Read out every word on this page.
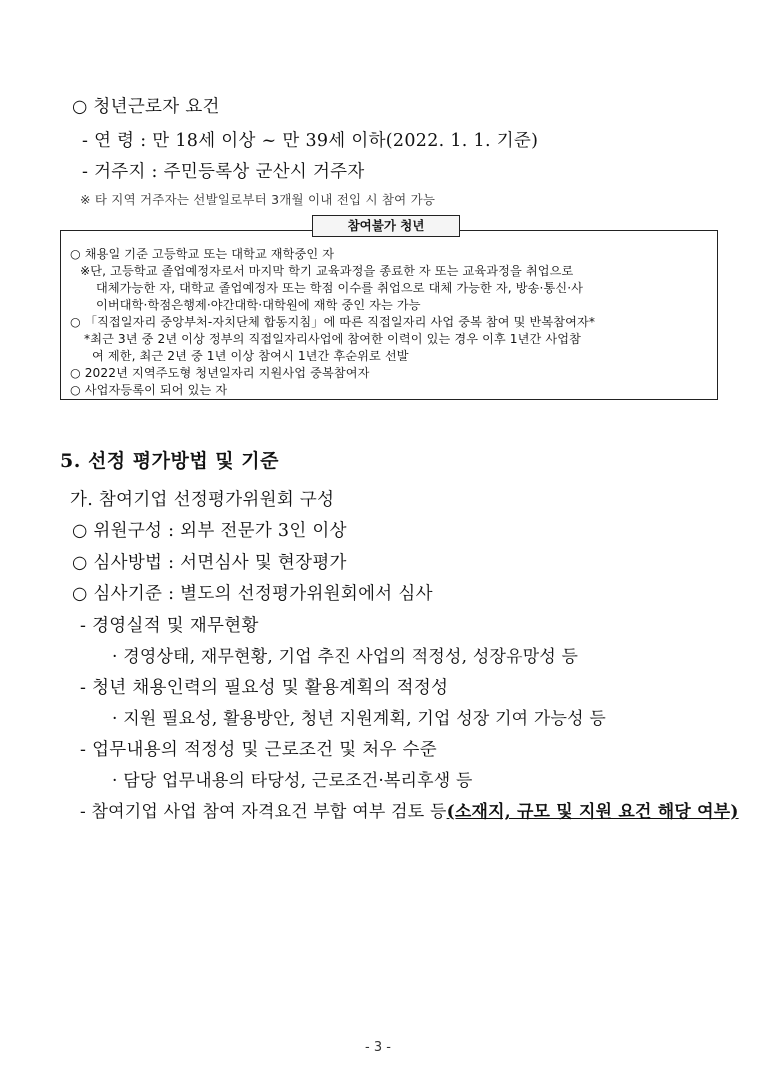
○ 청년근로자 요건
- 연 령 : 만 18세 이상 ~ 만 39세 이하(2022. 1. 1. 기준)
- 거주지 : 주민등록상 군산시 거주자
※ 타 지역 거주자는 선발일로부터 3개월 이내 전입 시 참여 가능
참여불가 청년
○ 채용일 기준 고등학교 또는 대학교 재학중인 자
※단, 고등학교 졸업예정자로서 마지막 학기 교육과정을 종료한 자 또는 교육과정을 취업으로
대체가능한 자, 대학교 졸업예정자 또는 학점 이수를 취업으로 대체 가능한 자, 방송·통신·사
이버대학·학점은행제·야간대학·대학원에 재학 중인 자는 가능
○ 「직접일자리 중앙부처-자치단체 합동지침」에 따른 직접일자리 사업 중복 참여 및 반복참여자*
*최근 3년 중 2년 이상 정부의 직접일자리사업에 참여한 이력이 있는 경우 이후 1년간 사업참
여 제한, 최근 2년 중 1년 이상 참여시 1년간 후순위로 선발
○ 2022년 지역주도형 청년일자리 지원사업 중복참여자
○ 사업자등록이 되어 있는 자
5. 선정 평가방법 및 기준
가. 참여기업 선정평가위원회 구성
○ 위원구성 : 외부 전문가 3인 이상
○ 심사방법 : 서면심사 및 현장평가
○ 심사기준 : 별도의 선정평가위원회에서 심사
- 경영실적 및 재무현황
· 경영상태, 재무현황, 기업 추진 사업의 적정성, 성장유망성 등
- 청년 채용인력의 필요성 및 활용계획의 적정성
· 지원 필요성, 활용방안, 청년 지원계획, 기업 성장 기여 가능성 등
- 업무내용의 적정성 및 근로조건 및 처우 수준
· 담당 업무내용의 타당성, 근로조건·복리후생 등
- 참여기업 사업 참여 자격요건 부합 여부 검토 등(소재지, 규모 및 지원 요건 해당 여부)
- 3 -
